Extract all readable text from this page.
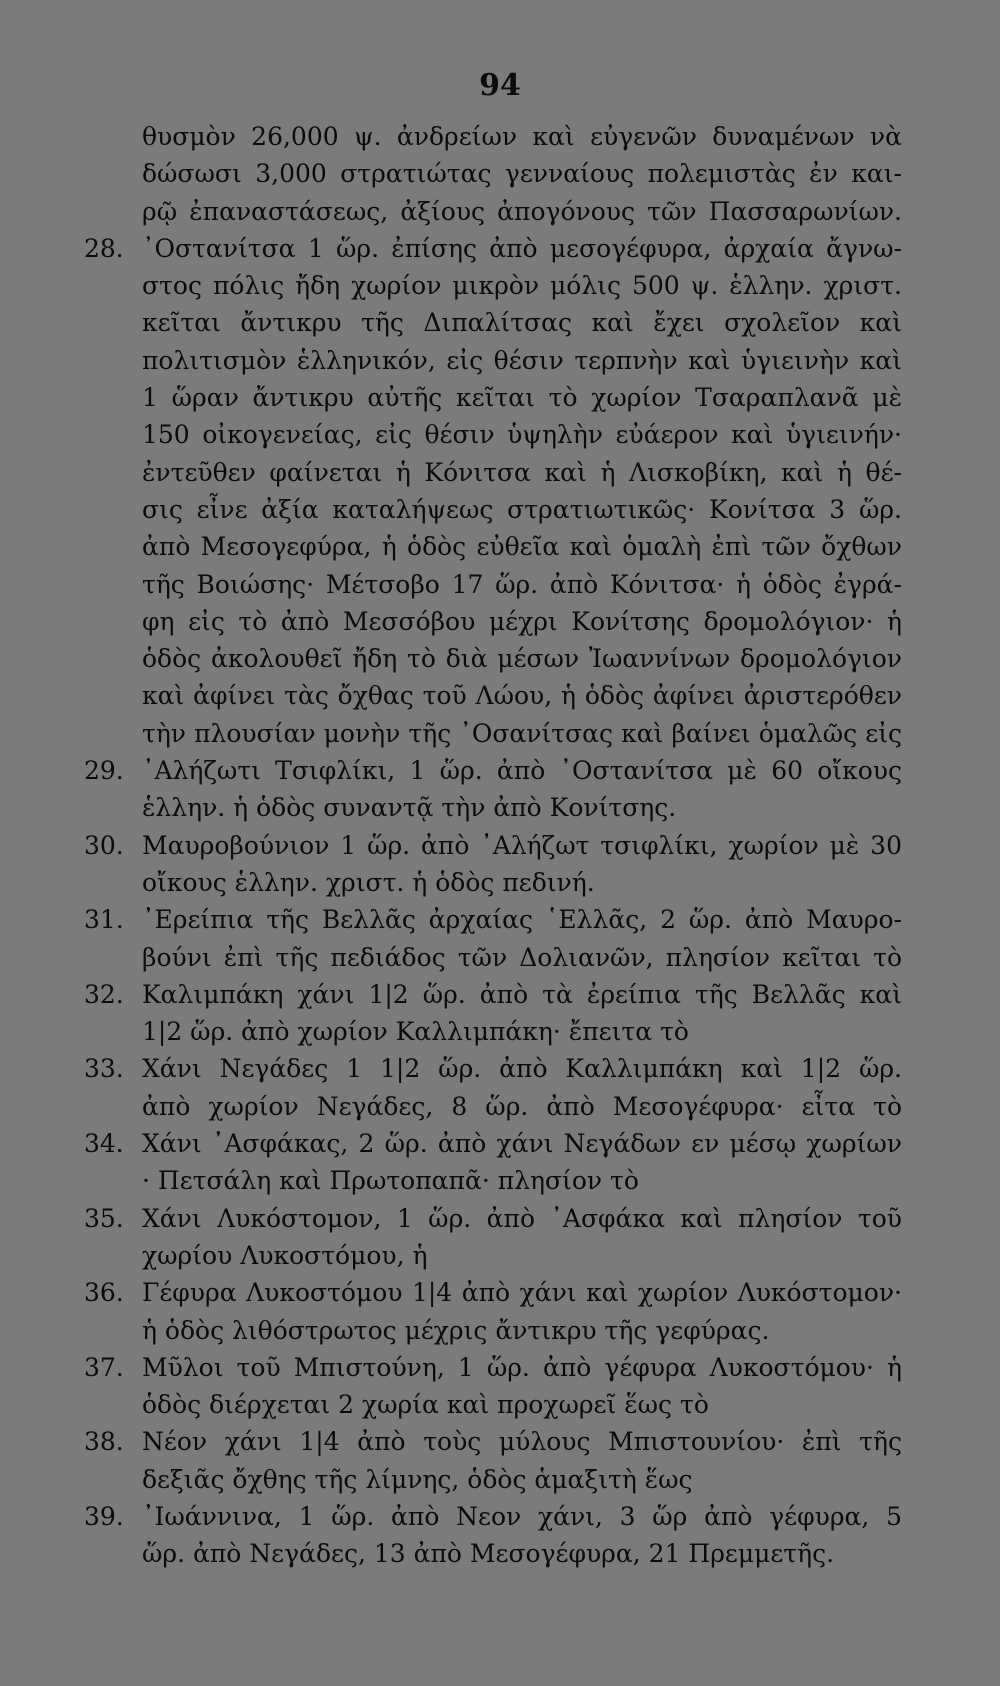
94
θυσμὸν 26,000 ψ. ἀνδρείων καὶ εὐγενῶν δυναμένων νὰ
δώσωσι 3,000 στρατιώτας γενναίους πολεμιστὰς ἐν και-
ρῷ ἐπαναστάσεως, ἀξίους ἀπογόνους τῶν Πασσαρωνίων.
28. ᾿Οστανίτσα 1 ὥρ. ἐπίσης ἀπὸ μεσογέφυρα, ἀρχαία ἄγνω-
στος πόλις ἤδη χωρίον μικρὸν μόλις 500 ψ. ἑλλην. χριστ.
κεῖται ἄντικρυ τῆς Διπαλίτσας καὶ ἔχει σχολεῖον καὶ
πολιτισμὸν ἑλληνικόν, εἰς θέσιν τερπνὴν καὶ ὑγιεινὴν καὶ
1 ὥραν ἄντικρυ αὐτῆς κεῖται τὸ χωρίον Τσαραπλανᾶ μὲ
150 οἰκογενείας, εἰς θέσιν ὑψηλὴν εὐάερον καὶ ὑγιεινήν·
ἐντεῦθεν φαίνεται ἡ Κόνιτσα καὶ ἡ Λισκοβίκη, καὶ ἡ θέ-
σις εἶνε ἀξία καταλήψεως στρατιωτικῶς· Κονίτσα 3 ὥρ.
ἀπὸ Μεσογεφύρα, ἡ ὁδὸς εὐθεῖα καὶ ὁμαλὴ ἐπὶ τῶν ὄχθων
τῆς Βοιώσης· Μέτσοβο 17 ὥρ. ἀπὸ Κόνιτσα· ἡ ὁδὸς ἐγρά-
φη εἰς τὸ ἀπὸ Μεσσόβου μέχρι Κονίτσης δρομολόγιον· ἡ
ὁδὸς ἀκολουθεῖ ἤδη τὸ διὰ μέσων Ἰωαννίνων δρομολόγιον
καὶ ἀφίνει τὰς ὄχθας τοῦ Λώου, ἡ ὁδὸς ἀφίνει ἀριστερόθεν
τὴν πλουσίαν μονὴν τῆς ᾿Οσανίτσας καὶ βαίνει ὁμαλῶς εἰς
29. ᾿Αλήζωτι Τσιφλίκι, 1 ὥρ. ἀπὸ ᾿Οστανίτσα μὲ 60 οἴκους
ἑλλην. ἡ ὁδὸς συναντᾷ τὴν ἀπὸ Κονίτσης.
30. Μαυροβούνιον 1 ὥρ. ἀπὸ ᾿Αλήζωτ τσιφλίκι, χωρίον μὲ 30
οἴκους ἑλλην. χριστ. ἡ ὁδὸς πεδινή.
31. ᾿Ερείπια τῆς Βελλᾶς ἀρχαίας ῾Ελλᾶς, 2 ὥρ. ἀπὸ Μαυρο-
βούνι ἐπὶ τῆς πεδιάδος τῶν Δολιανῶν, πλησίον κεῖται τὸ
32. Καλιμπάκη χάνι 1|2 ὥρ. ἀπὸ τὰ ἐρείπια τῆς Βελλᾶς καὶ
1|2 ὥρ. ἀπὸ χωρίον Καλλιμπάκη· ἔπειτα τὸ
33. Χάνι Νεγάδες 1 1|2 ὥρ. ἀπὸ Καλλιμπάκη καὶ 1|2 ὥρ.
ἀπὸ χωρίον Νεγάδες, 8 ὥρ. ἀπὸ Μεσογέφυρα· εἶτα τὸ
34. Χάνι ᾿Ασφάκας, 2 ὥρ. ἀπὸ χάνι Νεγάδων εν μέσῳ χωρίων
· Πετσάλη καὶ Πρωτοπαπᾶ· πλησίον τὸ
35. Χάνι Λυκόστομον, 1 ὥρ. ἀπὸ ᾿Ασφάκα καὶ πλησίον τοῦ
χωρίου Λυκοστόμου, ἡ
36. Γέφυρα Λυκοστόμου 1|4 ἀπὸ χάνι καὶ χωρίον Λυκόστομον·
ἡ ὁδὸς λιθόστρωτος μέχρις ἄντικρυ τῆς γεφύρας.
37. Μῦλοι τοῦ Μπιστούνη, 1 ὥρ. ἀπὸ γέφυρα Λυκοστόμου· ἡ
ὁδὸς διέρχεται 2 χωρία καὶ προχωρεῖ ἕως τὸ
38. Νέον χάνι 1|4 ἀπὸ τοὺς μύλους Μπιστουνίου· ἐπὶ τῆς
δεξιᾶς ὄχθης τῆς λίμνης, ὁδὸς ἁμαξιτὴ ἕως
39. ᾿Ιωάννινα, 1 ὥρ. ἀπὸ Νεον χάνι, 3 ὥρ ἀπὸ γέφυρα, 5
ὥρ. ἀπὸ Νεγάδες, 13 ἀπὸ Μεσογέφυρα, 21 Πρεμμετῆς.
